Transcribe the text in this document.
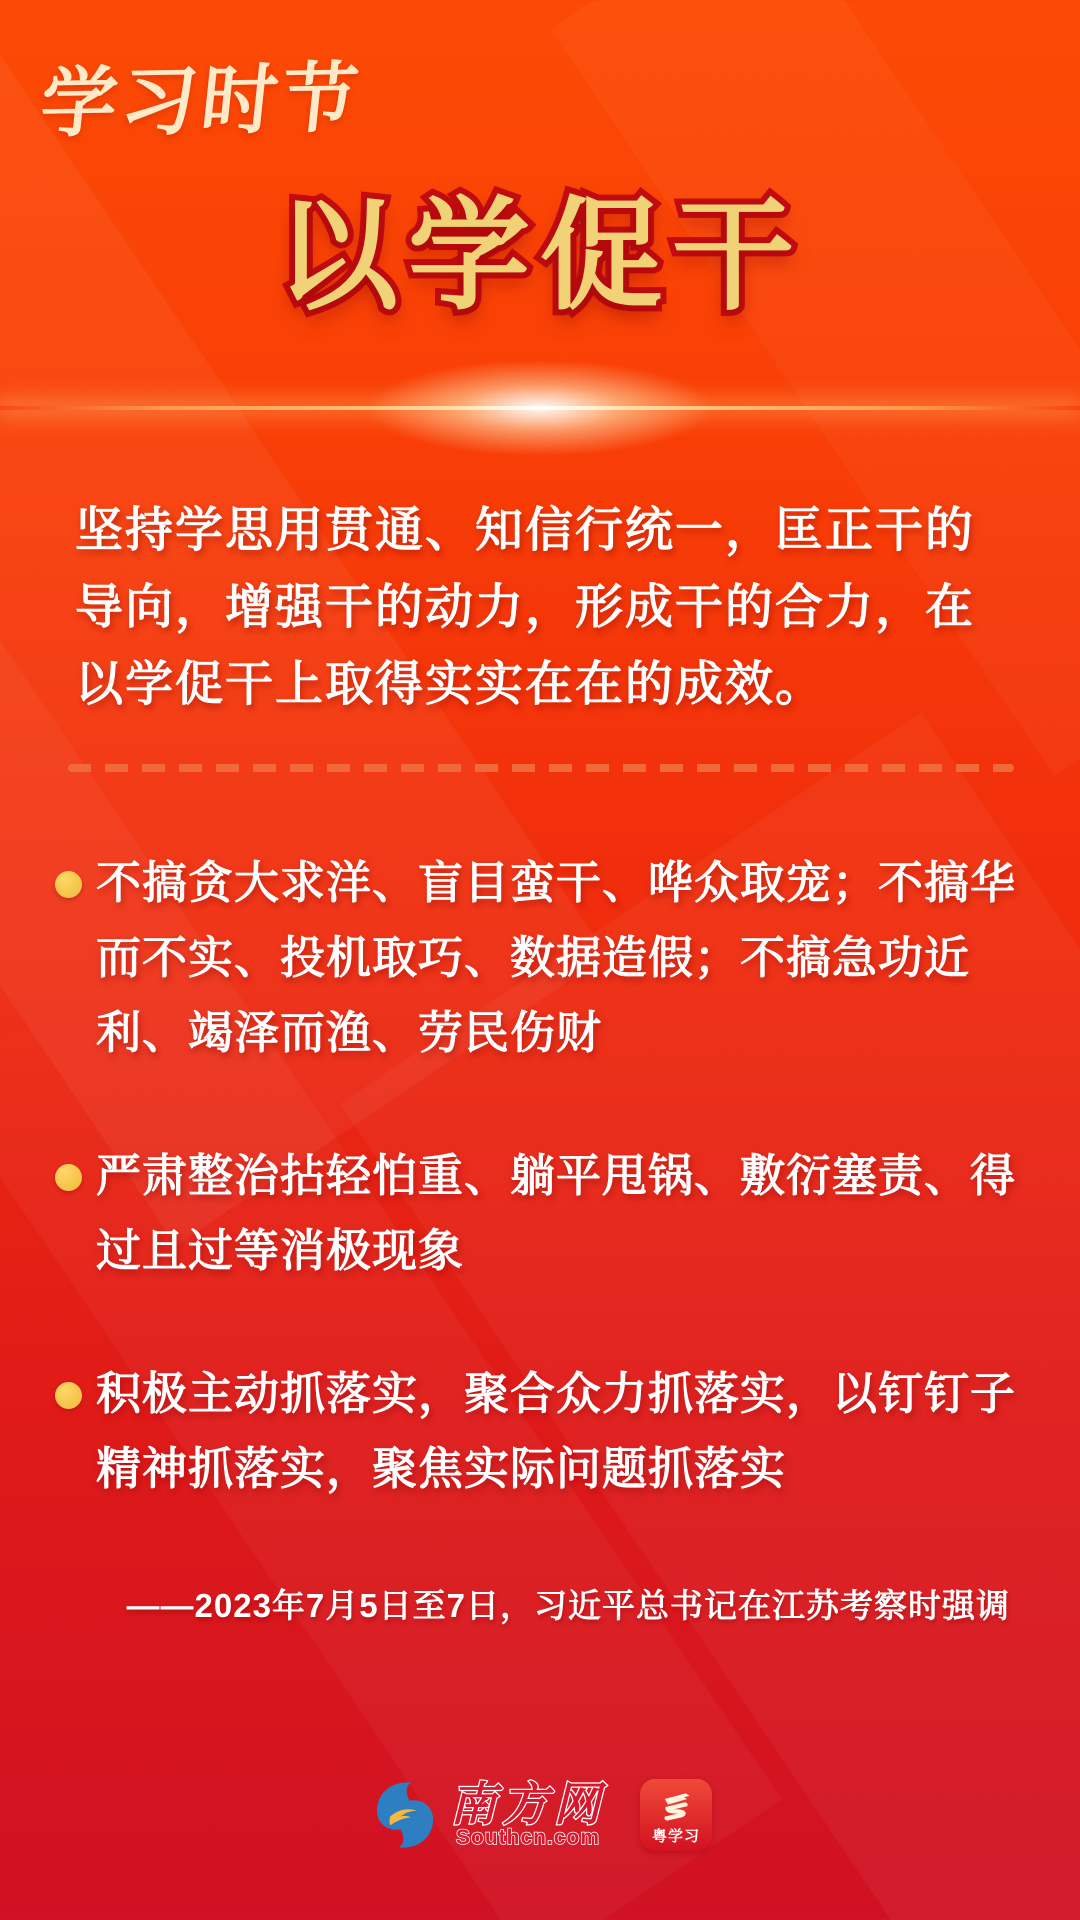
学习时节
以学促干
坚持学思用贯通、知信行统一，匡正干的导向，增强干的动力，形成干的合力，在以学促干上取得实实在在的成效。
不搞贪大求洋、盲目蛮干、哗众取宠；不搞华而不实、投机取巧、数据造假；不搞急功近利、竭泽而渔、劳民伤财
严肃整治拈轻怕重、躺平甩锅、敷衍塞责、得过且过等消极现象
积极主动抓落实，聚合众力抓落实，以钉钉子精神抓落实，聚焦实际问题抓落实
——2023年7月5日至7日，习近平总书记在江苏考察时强调
南方网
Southcn.com	粤学习
